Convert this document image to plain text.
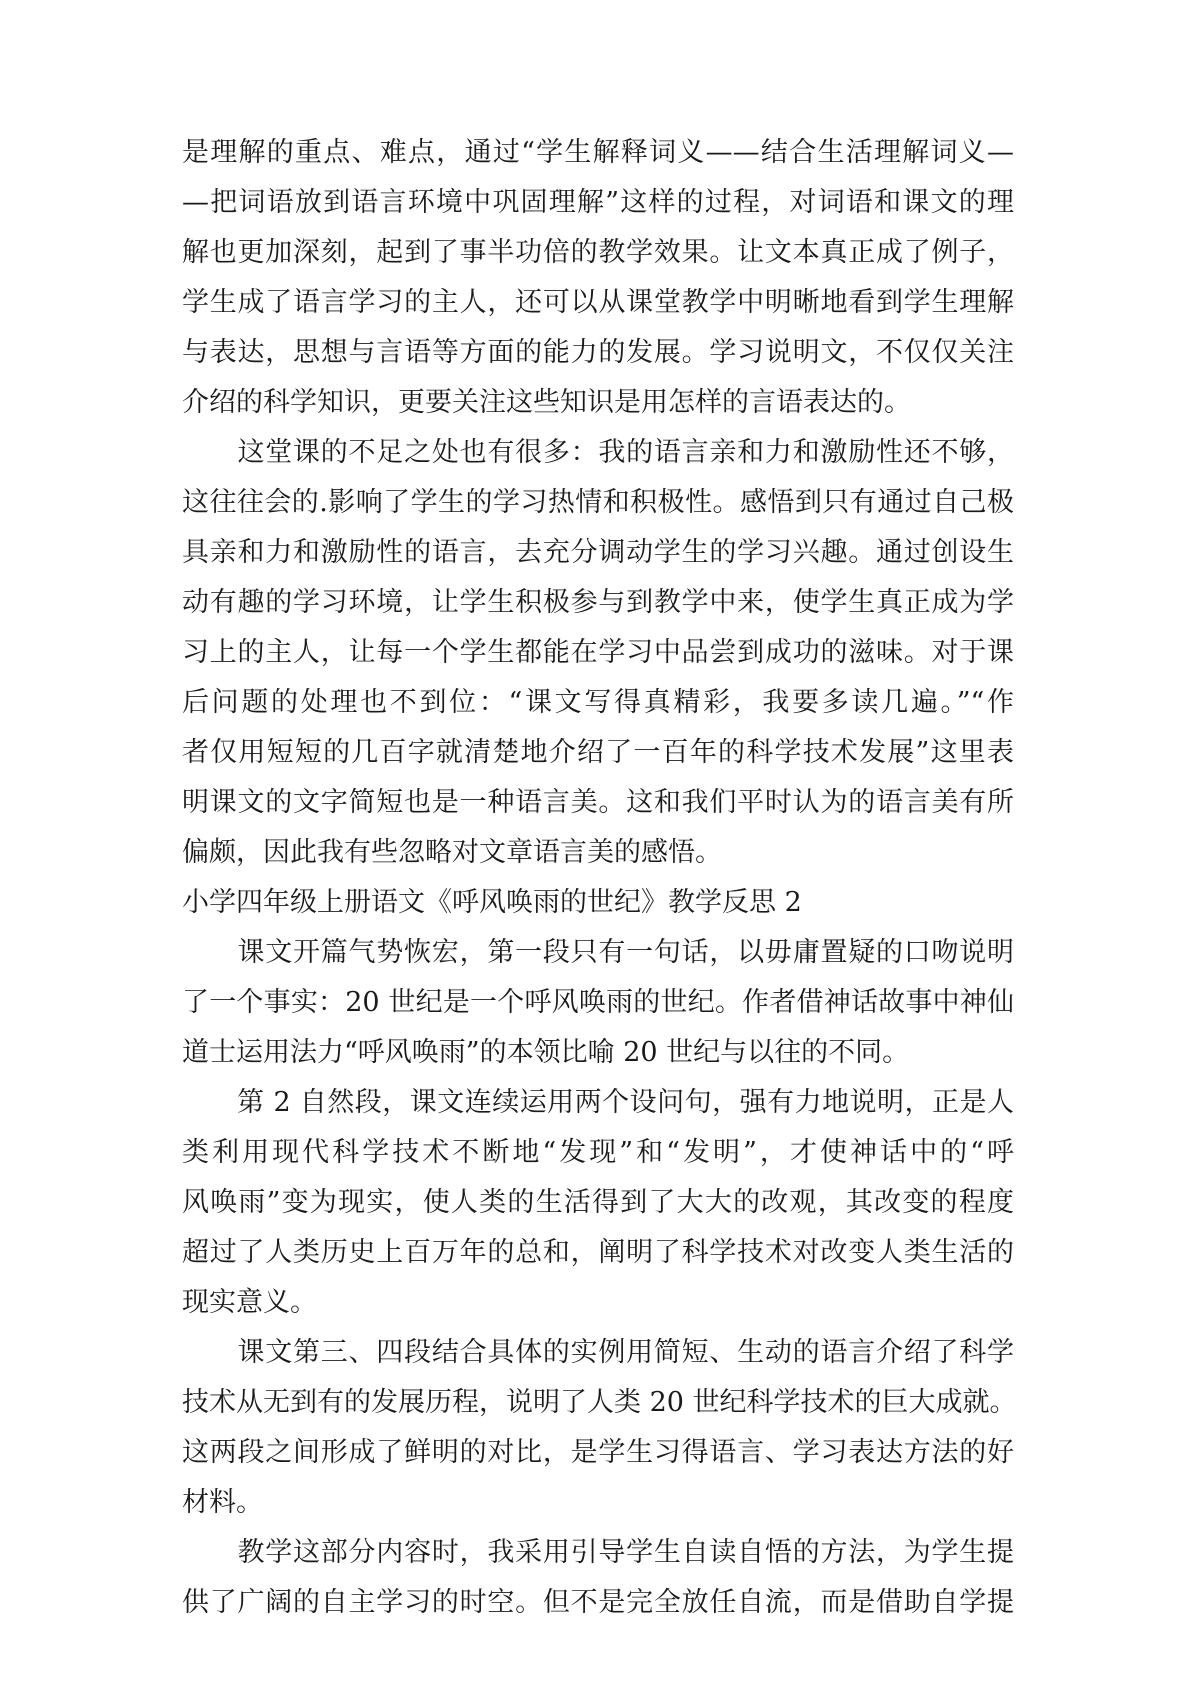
是理解的重点、难点，通过“学生解释词义——结合生活理解词义—
—把词语放到语言环境中巩固理解”这样的过程，对词语和课文的理
解也更加深刻，起到了事半功倍的教学效果。让文本真正成了例子，
学生成了语言学习的主人，还可以从课堂教学中明晰地看到学生理解
与表达，思想与言语等方面的能力的发展。学习说明文，不仅仅关注
介绍的科学知识，更要关注这些知识是用怎样的言语表达的。
　　这堂课的不足之处也有很多：我的语言亲和力和激励性还不够，
这往往会的.影响了学生的学习热情和积极性。感悟到只有通过自己极
具亲和力和激励性的语言，去充分调动学生的学习兴趣。通过创设生
动有趣的学习环境，让学生积极参与到教学中来，使学生真正成为学
习上的主人，让每一个学生都能在学习中品尝到成功的滋味。对于课
后问题的处理也不到位：“课文写得真精彩，我要多读几遍。”“作
者仅用短短的几百字就清楚地介绍了一百年的科学技术发展”这里表
明课文的文字简短也是一种语言美。这和我们平时认为的语言美有所
偏颇，因此我有些忽略对文章语言美的感悟。
小学四年级上册语文《呼风唤雨的世纪》教学反思 2
　　课文开篇气势恢宏，第一段只有一句话，以毋庸置疑的口吻说明
了一个事实：20 世纪是一个呼风唤雨的世纪。作者借神话故事中神仙
道士运用法力“呼风唤雨”的本领比喻 20 世纪与以往的不同。
　　第 2 自然段，课文连续运用两个设问句，强有力地说明，正是人
类利用现代科学技术不断地“发现”和“发明”，才使神话中的“呼
风唤雨”变为现实，使人类的生活得到了大大的改观，其改变的程度
超过了人类历史上百万年的总和，阐明了科学技术对改变人类生活的
现实意义。
　　课文第三、四段结合具体的实例用简短、生动的语言介绍了科学
技术从无到有的发展历程，说明了人类 20 世纪科学技术的巨大成就。
这两段之间形成了鲜明的对比，是学生习得语言、学习表达方法的好
材料。
　　教学这部分内容时，我采用引导学生自读自悟的方法，为学生提
供了广阔的自主学习的时空。但不是完全放任自流，而是借助自学提
